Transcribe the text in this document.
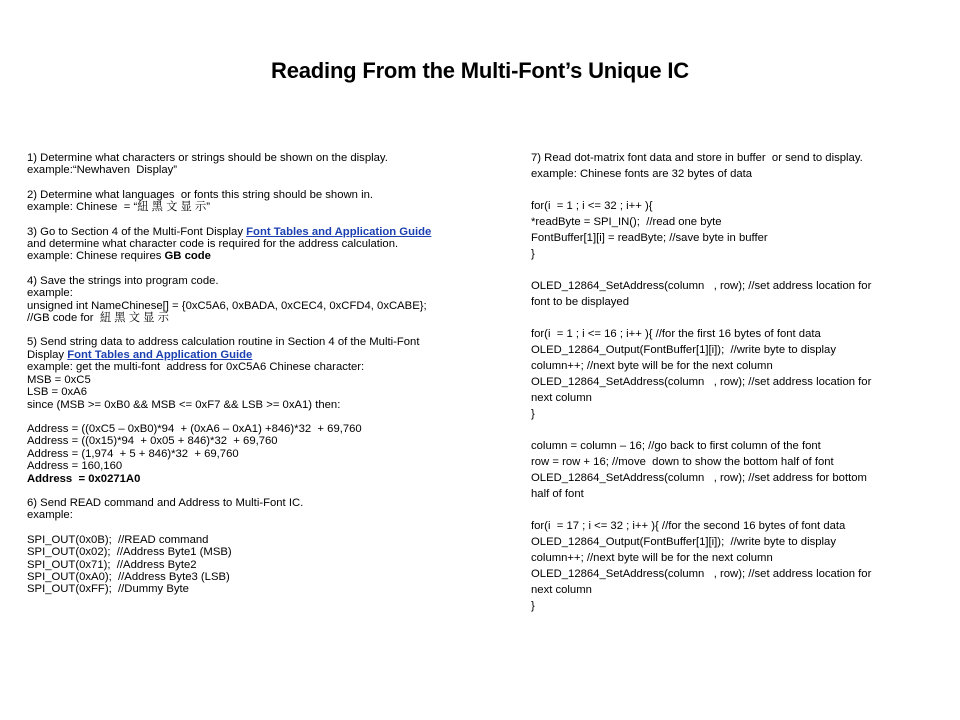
Reading From the Multi-Font’s Unique IC
1) Determine what characters or strings should be shown on the display.
example:“Newhaven  Display”
2) Determine what languages  or fonts this string should be shown in.
example: Chinese  = “紐 黑 文 显 示”
3) Go to Section 4 of the Multi-Font Display Font Tables and Application Guide
and determine what character code is required for the address calculation.
example: Chinese requires GB code
4) Save the strings into program code.
example:
unsigned int NameChinese[] = {0xC5A6, 0xBADA, 0xCEC4, 0xCFD4, 0xCABE};
//GB code for  紐 黑 文 显 示
5) Send string data to address calculation routine in Section 4 of the Multi-Font
Display Font Tables and Application Guide
example: get the multi-font  address for 0xC5A6 Chinese character:
MSB = 0xC5
LSB = 0xA6
since (MSB >= 0xB0 && MSB <= 0xF7 && LSB >= 0xA1) then:
Address = ((0xC5 – 0xB0)*94  + (0xA6 – 0xA1) +846)*32  + 69,760
Address = ((0x15)*94  + 0x05 + 846)*32  + 69,760
Address = (1,974  + 5 + 846)*32  + 69,760
Address = 160,160
Address  = 0x0271A0
6) Send READ command and Address to Multi-Font IC.
example:
SPI_OUT(0x0B);  //READ command
SPI_OUT(0x02);  //Address Byte1 (MSB)
SPI_OUT(0x71);  //Address Byte2
SPI_OUT(0xA0);  //Address Byte3 (LSB)
SPI_OUT(0xFF);  //Dummy Byte
7) Read dot-matrix font data and store in buffer  or send to display.
example: Chinese fonts are 32 bytes of data
for(i  = 1 ; i <= 32 ; i++ ){
*readByte = SPI_IN();  //read one byte
FontBuffer[1][i] = readByte; //save byte in buffer
}
OLED_12864_SetAddress(column   , row); //set address location for
font to be displayed
for(i  = 1 ; i <= 16 ; i++ ){ //for the first 16 bytes of font data
OLED_12864_Output(FontBuffer[1][i]);  //write byte to display
column++; //next byte will be for the next column
OLED_12864_SetAddress(column   , row); //set address location for
next column
}
column = column – 16; //go back to first column of the font
row = row + 16; //move  down to show the bottom half of font
OLED_12864_SetAddress(column   , row); //set address for bottom
half of font
for(i  = 17 ; i <= 32 ; i++ ){ //for the second 16 bytes of font data
OLED_12864_Output(FontBuffer[1][i]);  //write byte to display
column++; //next byte will be for the next column
OLED_12864_SetAddress(column   , row); //set address location for
next column
}
